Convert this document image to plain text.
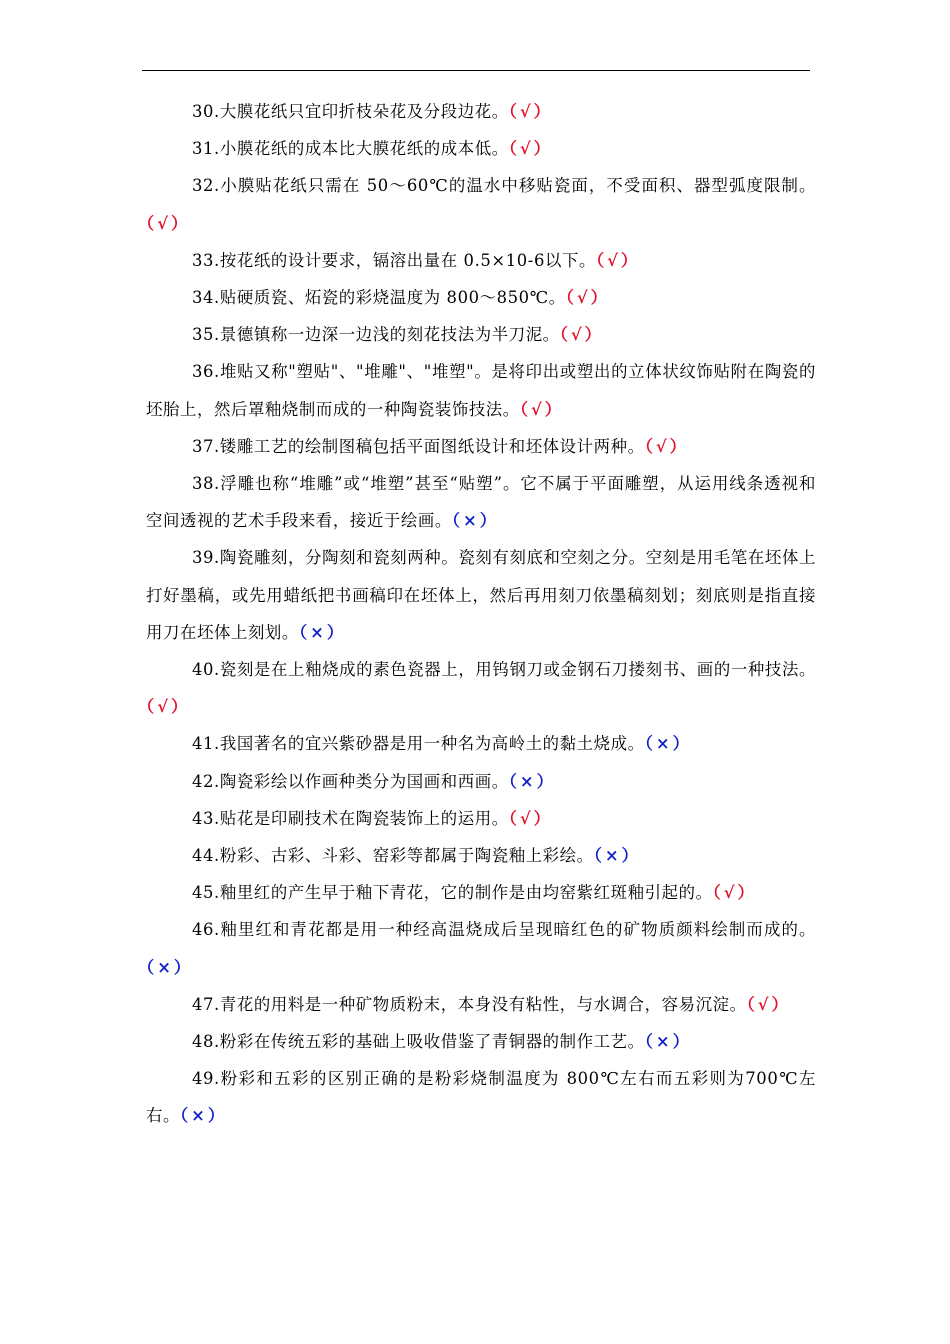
30.大膜花纸只宜印折枝朵花及分段边花。（√）

31.小膜花纸的成本比大膜花纸的成本低。（√）

32.小膜贴花纸只需在 50～60℃的温水中移贴瓷面，不受面积、器型弧度限制。（√）

33.按花纸的设计要求，镉溶出量在 0.5×10-6以下。（√）

34.贴硬质瓷、炻瓷的彩烧温度为 800～850℃。（√）

35.景德镇称一边深一边浅的刻花技法为半刀泥。（√）

36.堆贴又称"塑贴"、"堆雕"、"堆塑"。是将印出或塑出的立体状纹饰贴附在陶瓷的坯胎上，然后罩釉烧制而成的一种陶瓷装饰技法。（√）

37.镂雕工艺的绘制图稿包括平面图纸设计和坯体设计两种。（√）

38.浮雕也称“堆雕”或“堆塑”甚至“贴塑”。它不属于平面雕塑，从运用线条透视和空间透视的艺术手段来看，接近于绘画。（×）

39.陶瓷雕刻，分陶刻和瓷刻两种。瓷刻有刻底和空刻之分。空刻是用毛笔在坯体上打好墨稿，或先用蜡纸把书画稿印在坯体上，然后再用刻刀依墨稿刻划；刻底则是指直接用刀在坯体上刻划。（×）

40.瓷刻是在上釉烧成的素色瓷器上，用钨钢刀或金钢石刀搂刻书、画的一种技法。（√）

41.我国著名的宜兴紫砂器是用一种名为高岭土的黏土烧成。（×）

42.陶瓷彩绘以作画种类分为国画和西画。（×）

43.贴花是印刷技术在陶瓷装饰上的运用。（√）

44.粉彩、古彩、斗彩、窑彩等都属于陶瓷釉上彩绘。（×）

45.釉里红的产生早于釉下青花，它的制作是由均窑紫红斑釉引起的。（√）

46.釉里红和青花都是用一种经高温烧成后呈现暗红色的矿物质颜料绘制而成的。（×）

47.青花的用料是一种矿物质粉末，本身没有粘性，与水调合，容易沉淀。（√）

48.粉彩在传统五彩的基础上吸收借鉴了青铜器的制作工艺。（×）

49.粉彩和五彩的区别正确的是粉彩烧制温度为 800℃左右而五彩则为700℃左右。（×）
